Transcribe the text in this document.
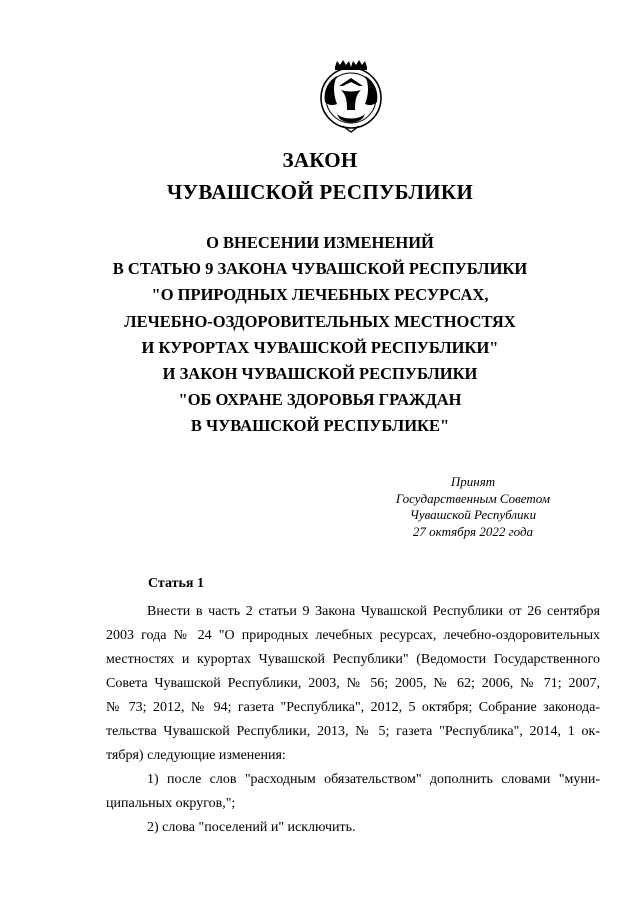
ЗАКОН
ЧУВАШСКОЙ РЕСПУБЛИКИ
О ВНЕСЕНИИ ИЗМЕНЕНИЙ
В СТАТЬЮ 9 ЗАКОНА ЧУВАШСКОЙ РЕСПУБЛИКИ
"О ПРИРОДНЫХ ЛЕЧЕБНЫХ РЕСУРСАХ,
ЛЕЧЕБНО-ОЗДОРОВИТЕЛЬНЫХ МЕСТНОСТЯХ
И КУРОРТАХ ЧУВАШСКОЙ РЕСПУБЛИКИ"
И ЗАКОН ЧУВАШСКОЙ РЕСПУБЛИКИ
"ОБ ОХРАНЕ ЗДОРОВЬЯ ГРАЖДАН
В ЧУВАШСКОЙ РЕСПУБЛИКЕ"
Принят
Государственным Советом
Чувашской Республики
27 октября 2022 года
Статья 1

Внести в часть 2 статьи 9 Закона Чувашской Республики от 26 сентября

2003 года № 24 "О природных лечебных ресурсах, лечебно-оздоровительных
местностях и курортах Чувашской Республики" (Ведомости Государственного
Совета Чувашской Республики, 2003, № 56; 2005, № 62; 2006, № 71; 2007,
№ 73; 2012, № 94; газета "Республика", 2012, 5 октября; Собрание законода-
тельства Чувашской Республики, 2013, № 5; газета "Республика", 2014, 1 ок-
тября) следующие изменения:

1) после слов "расходным обязательством" дополнить словами "муни-

ципальных округов,";

2) слова "поселений и" исключить.
